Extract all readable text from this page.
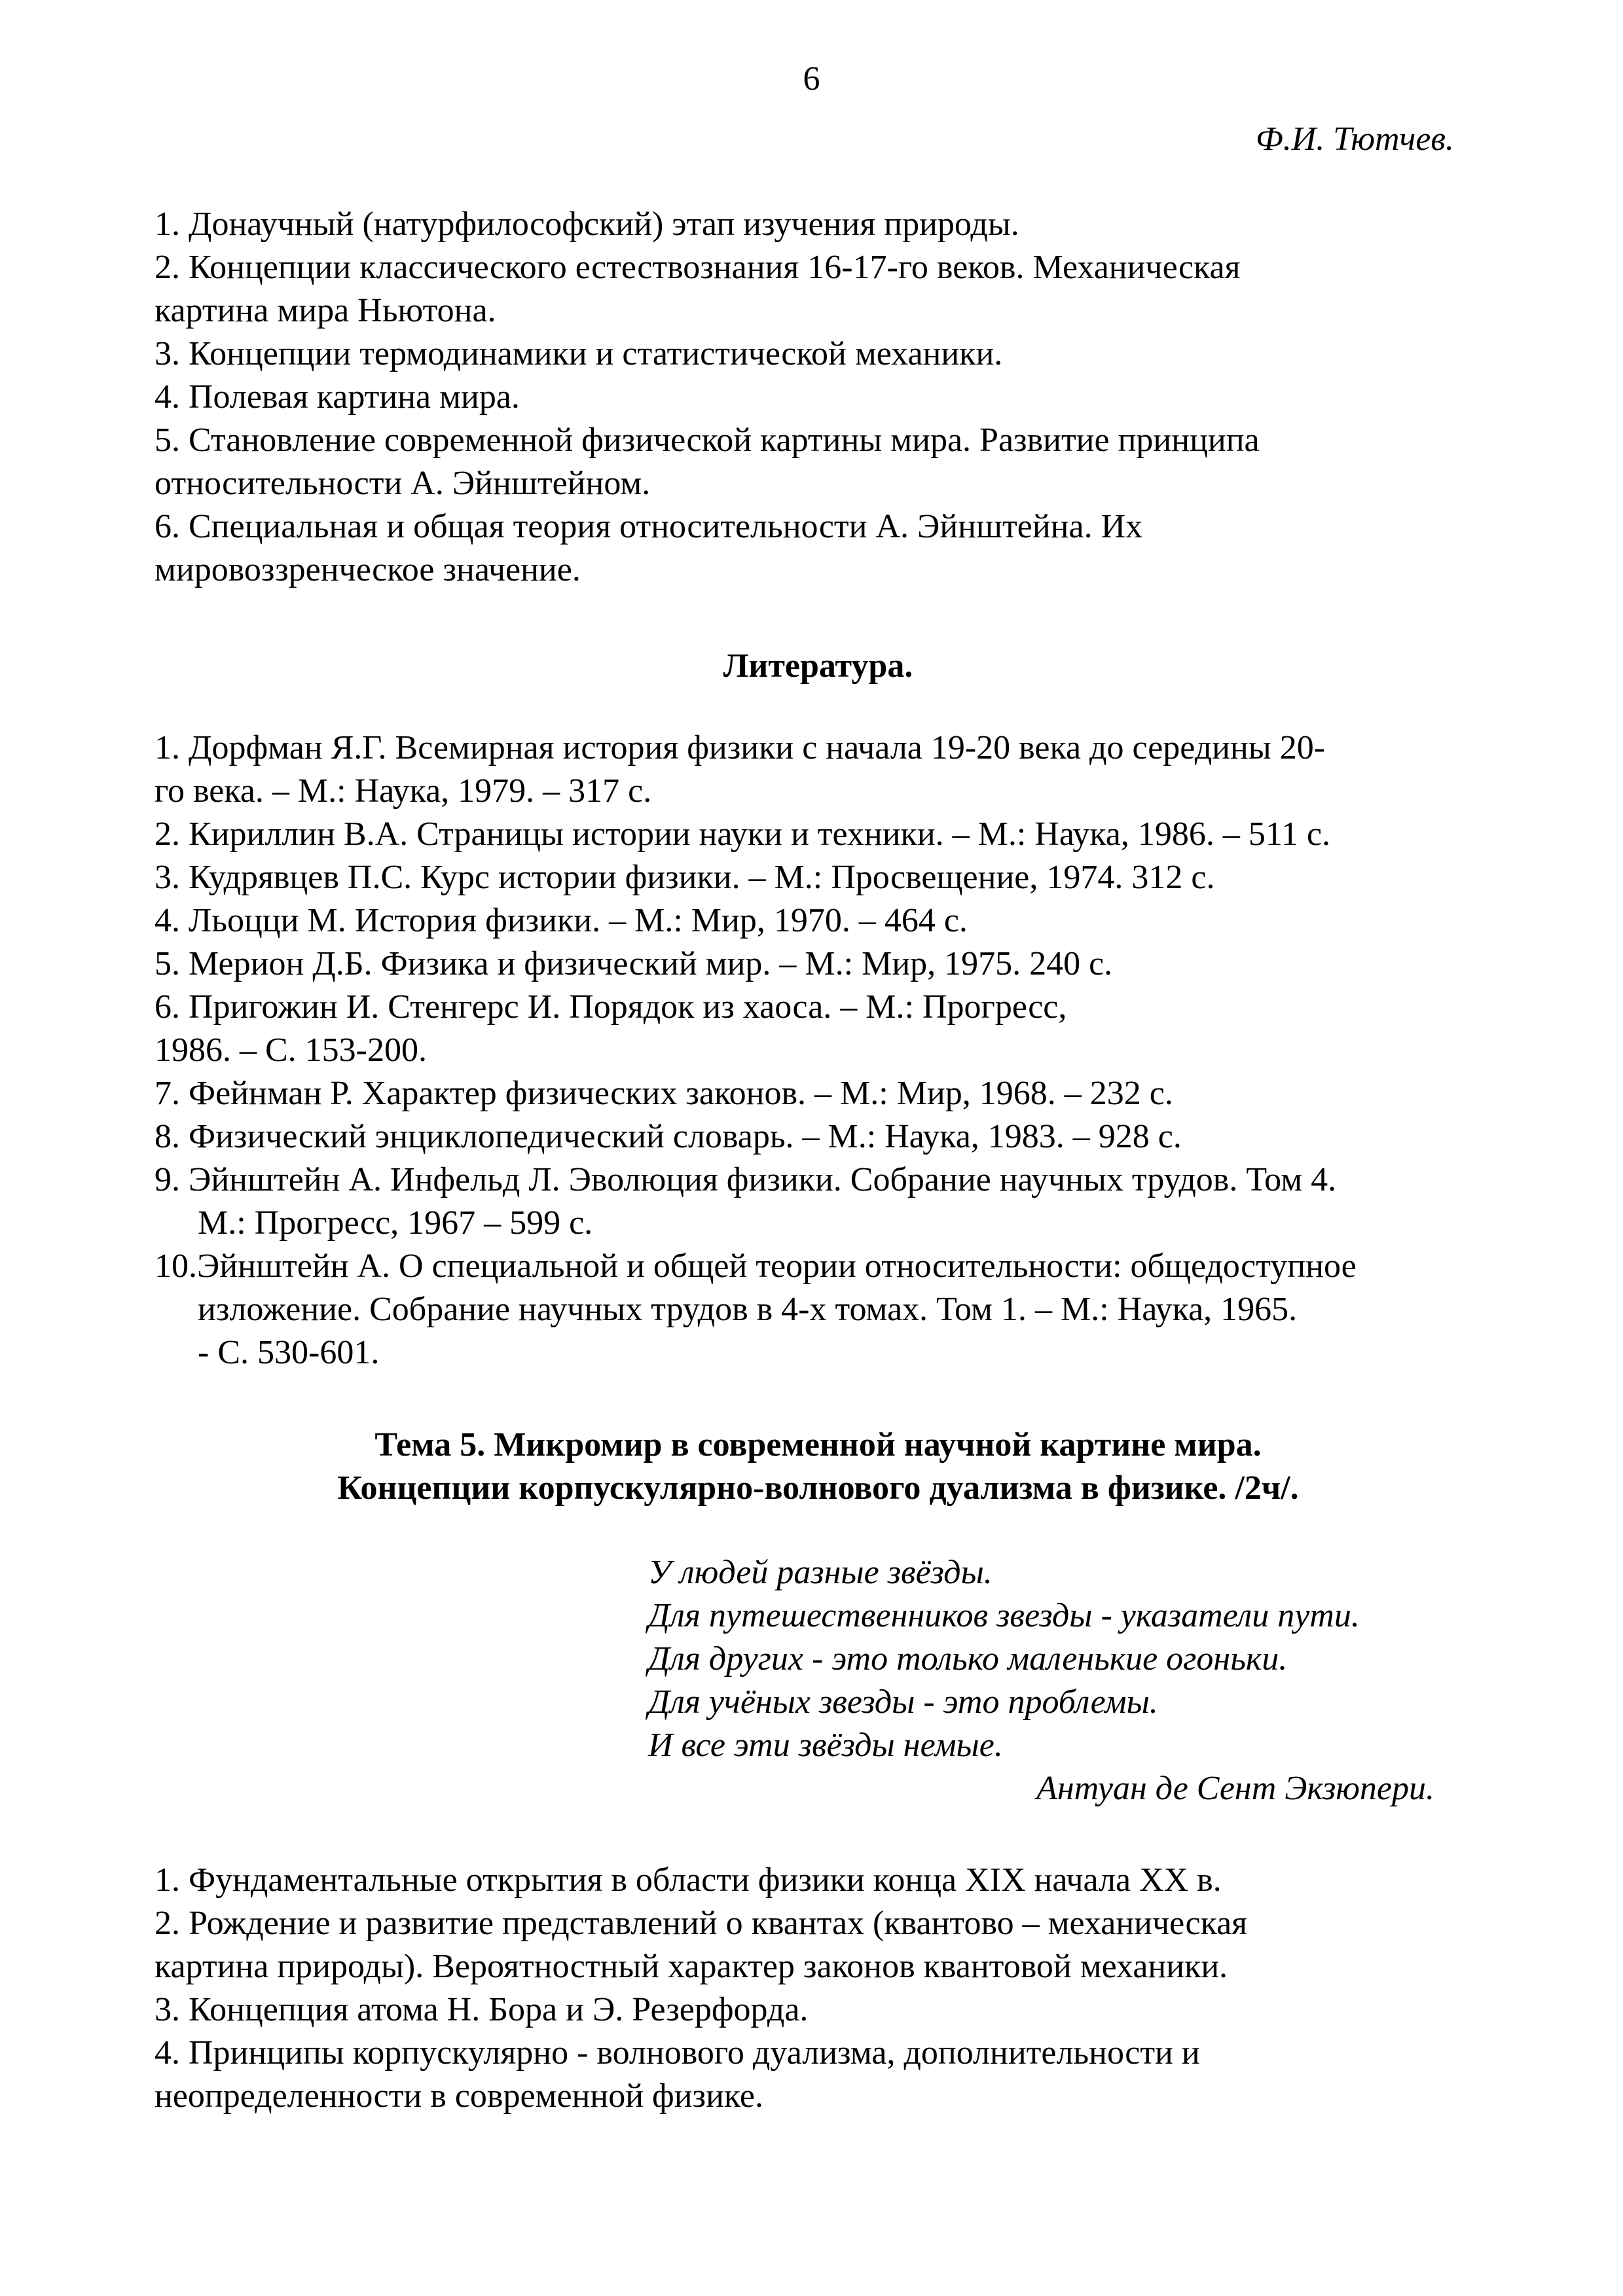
6
Ф.И. Тютчев.
1. Донаучный (натурфилософский) этап изучения природы.
2. Концепции классического естествознания 16-17-го веков. Механическая
картина мира Ньютона.
3. Концепции термодинамики и статистической механики.
4. Полевая картина мира.
5. Становление современной физической картины мира. Развитие принципа
относительности А. Эйнштейном.
6. Специальная и общая теория относительности А. Эйнштейна. Их
мировоззренческое значение.
Литература.
1. Дорфман Я.Г. Всемирная история физики с начала 19-20 века до середины 20-
го века. – М.: Наука, 1979. – 317 с.
2. Кириллин В.А. Страницы истории науки и техники. – М.: Наука, 1986. – 511 с.
3. Кудрявцев П.С. Курс истории физики. – М.: Просвещение, 1974. 312 с.
4. Льоцци М. История физики. – М.: Мир, 1970. – 464 с.
5. Мерион Д.Б. Физика и физический мир. – М.: Мир, 1975. 240 с.
6. Пригожин И. Стенгерс И. Порядок из хаоса. – М.: Прогресс,
1986. – С. 153-200.
7. Фейнман Р. Характер физических законов. – М.: Мир, 1968. – 232 с.
8. Физический энциклопедический словарь. – М.: Наука, 1983. – 928 с.
9. Эйнштейн А. Инфельд Л. Эволюция физики. Собрание научных трудов. Том 4.
М.: Прогресс, 1967 – 599 с.
10.Эйнштейн А. О специальной и общей теории относительности: общедоступное
изложение. Собрание научных трудов в 4-х томах. Том 1. – М.: Наука, 1965.
- С. 530-601.
Тема 5. Микромир в современной научной картине мира.
Концепции корпускулярно-волнового дуализма в физике. /2ч/.
У людей разные звёзды.
Для путешественников звезды - указатели пути.
Для других - это только маленькие огоньки.
Для учёных звезды - это проблемы.
И все эти звёзды немые.
Антуан де Сент Экзюпери.
1. Фундаментальные открытия в области физики конца XIX начала XX в.
2. Рождение и развитие представлений о квантах (квантово – механическая
картина природы). Вероятностный характер законов квантовой механики.
3. Концепция атома Н. Бора и Э. Резерфорда.
4. Принципы корпускулярно - волнового дуализма, дополнительности и
неопределенности в современной физике.
